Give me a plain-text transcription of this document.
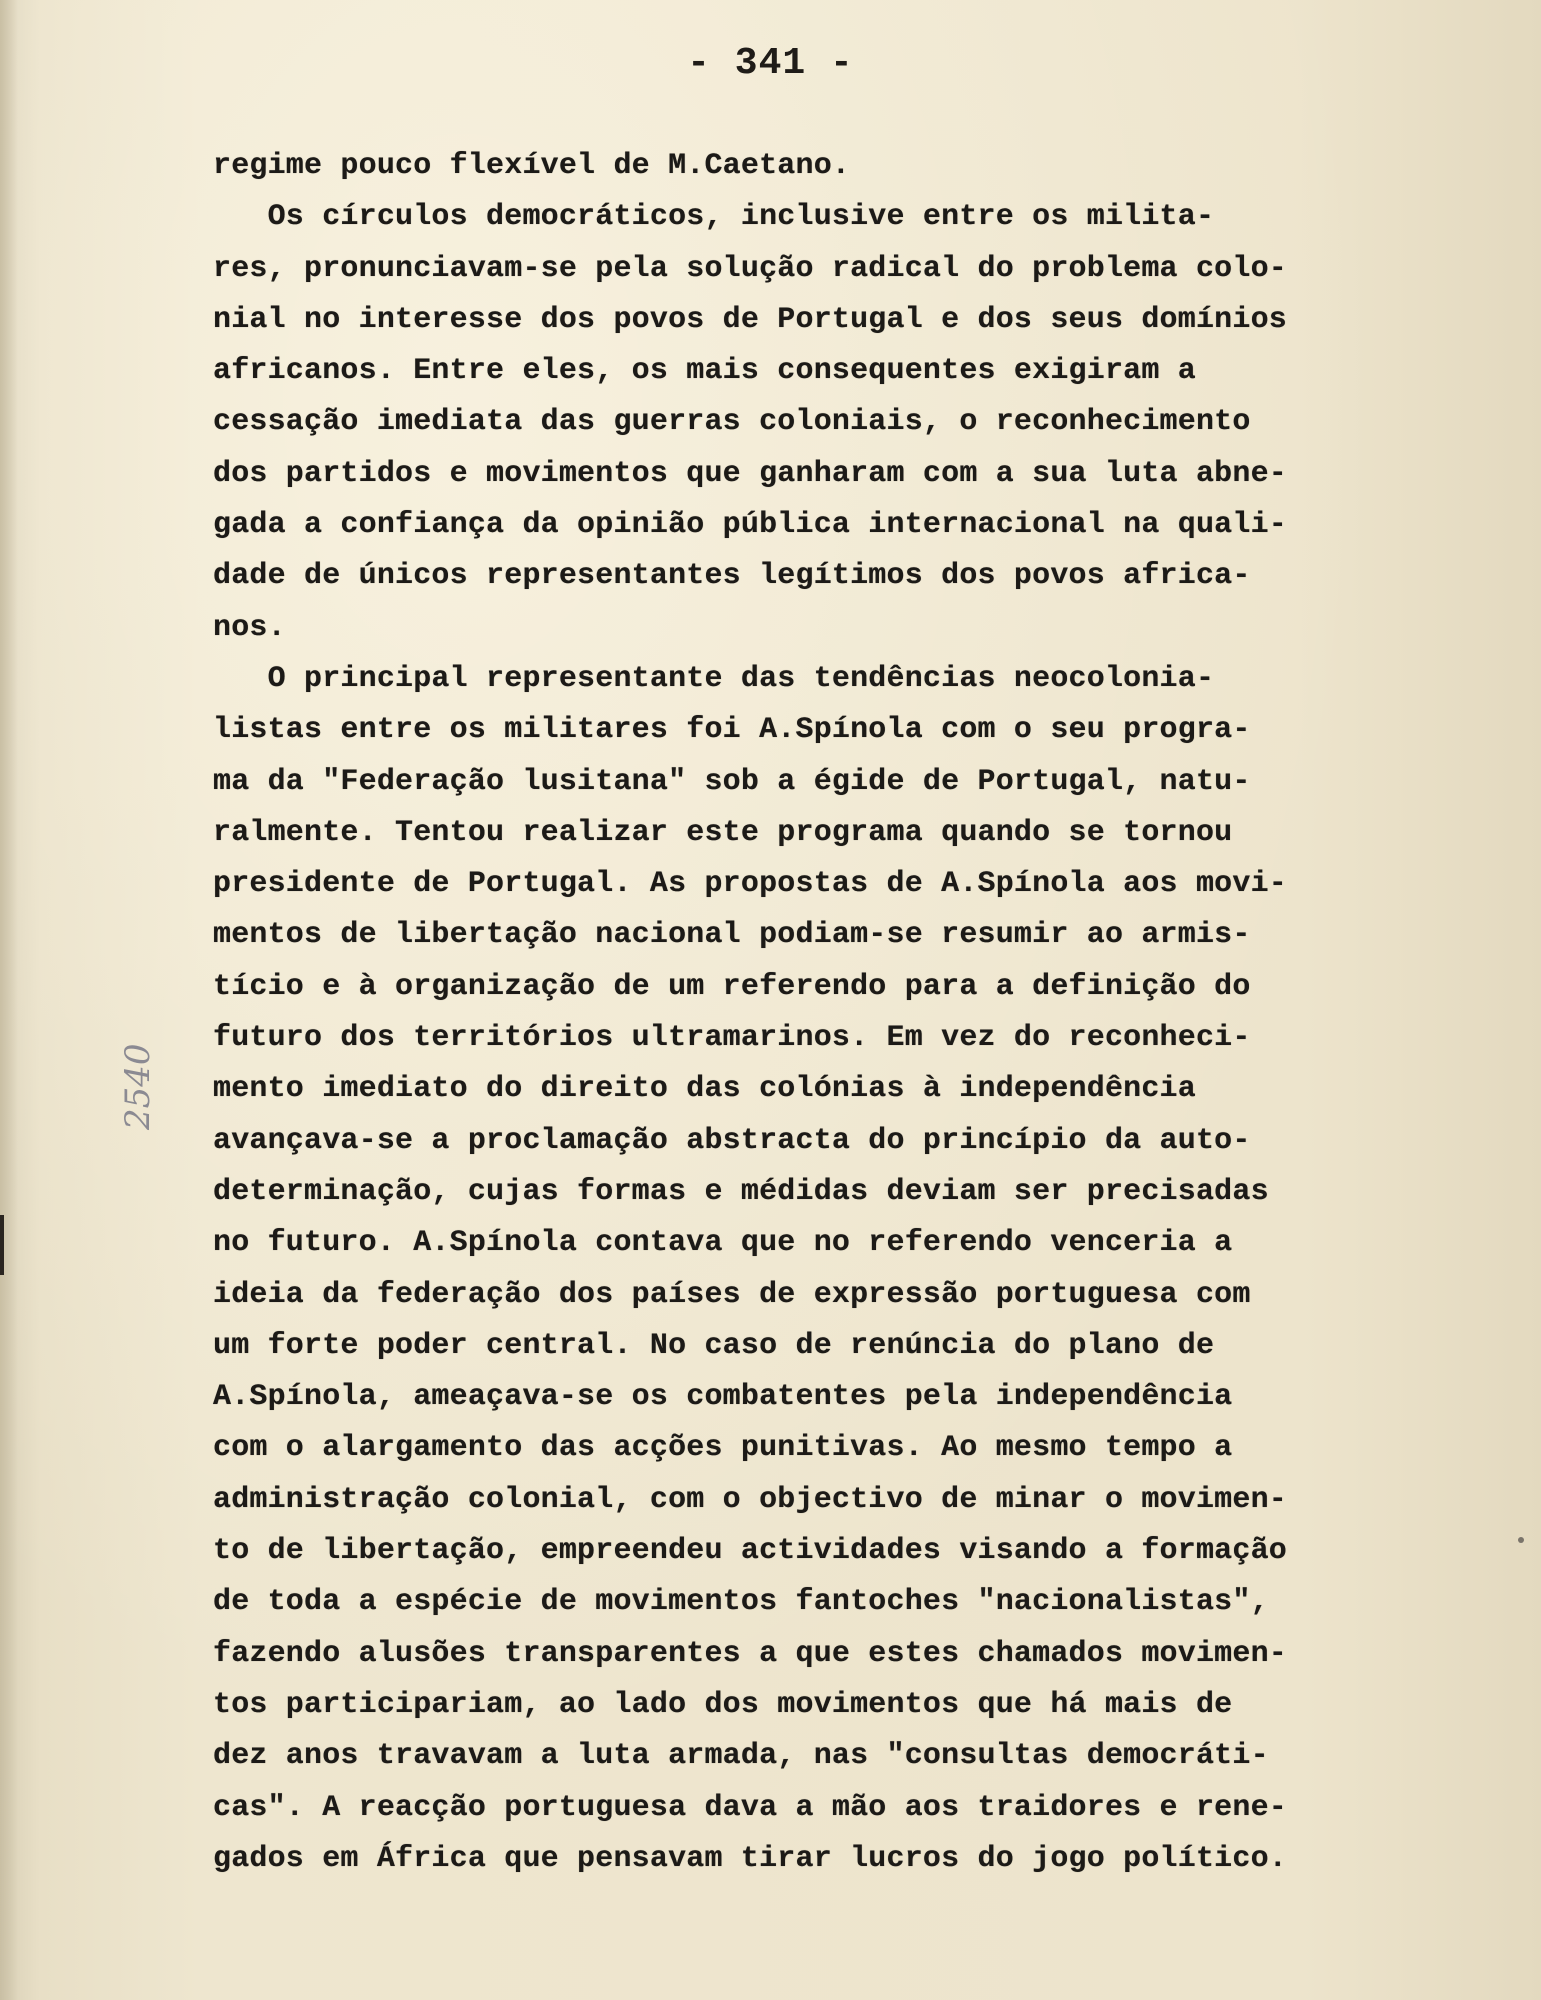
- 341 -
2540
regime pouco flexível de M.Caetano.
Os círculos democráticos, inclusive entre os milita-
res, pronunciavam-se pela solução radical do problema colo-
nial no interesse dos povos de Portugal e dos seus domínios
africanos. Entre eles, os mais consequentes exigiram a
cessação imediata das guerras coloniais, o reconhecimento
dos partidos e movimentos que ganharam com a sua luta abne-
gada a confiança da opinião pública internacional na quali-
dade de únicos representantes legítimos dos povos africa-
nos.
O principal representante das tendências neocolonia-
listas entre os militares foi A.Spínola com o seu progra-
ma da "Federação lusitana" sob a égide de Portugal, natu-
ralmente. Tentou realizar este programa quando se tornou
presidente de Portugal. As propostas de A.Spínola aos movi-
mentos de libertação nacional podiam-se resumir ao armis-
tício e à organização de um referendo para a definição do
futuro dos territórios ultramarinos. Em vez do reconheci-
mento imediato do direito das colónias à independência
avançava-se a proclamação abstracta do princípio da auto-
determinação, cujas formas e médidas deviam ser precisadas
no futuro. A.Spínola contava que no referendo venceria a
ideia da federação dos países de expressão portuguesa com
um forte poder central. No caso de renúncia do plano de
A.Spínola, ameaçava-se os combatentes pela independência
com o alargamento das acções punitivas. Ao mesmo tempo a
administração colonial, com o objectivo de minar o movimen-
to de libertação, empreendeu actividades visando a formação
de toda a espécie de movimentos fantoches "nacionalistas",
fazendo alusões transparentes a que estes chamados movimen-
tos participariam, ao lado dos movimentos que há mais de
dez anos travavam a luta armada, nas "consultas democráti-
cas". A reacção portuguesa dava a mão aos traidores e rene-
gados em África que pensavam tirar lucros do jogo político.
